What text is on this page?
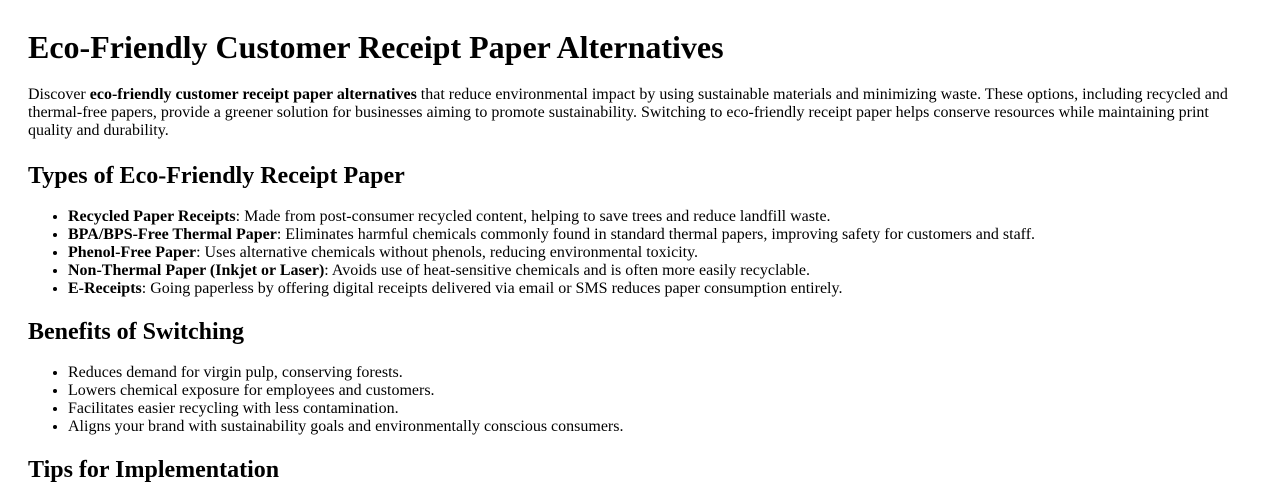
Eco-Friendly Customer Receipt Paper Alternatives

Discover eco-friendly customer receipt paper alternatives that reduce environmental impact by using sustainable materials and minimizing waste. These options, including recycled and thermal-free papers, provide a greener solution for businesses aiming to promote sustainability. Switching to eco-friendly receipt paper helps conserve resources while maintaining print quality and durability.

Types of Eco-Friendly Receipt Paper
• Recycled Paper Receipts: Made from post-consumer recycled content, helping to save trees and reduce landfill waste.
• BPA/BPS-Free Thermal Paper: Eliminates harmful chemicals commonly found in standard thermal papers, improving safety for customers and staff.
• Phenol-Free Paper: Uses alternative chemicals without phenols, reducing environmental toxicity.
• Non-Thermal Paper (Inkjet or Laser): Avoids use of heat-sensitive chemicals and is often more easily recyclable.
• E-Receipts: Going paperless by offering digital receipts delivered via email or SMS reduces paper consumption entirely.
Benefits of Switching
• Reduces demand for virgin pulp, conserving forests.
• Lowers chemical exposure for employees and customers.
• Facilitates easier recycling with less contamination.
• Aligns your brand with sustainability goals and environmentally conscious consumers.
Tips for Implementation
